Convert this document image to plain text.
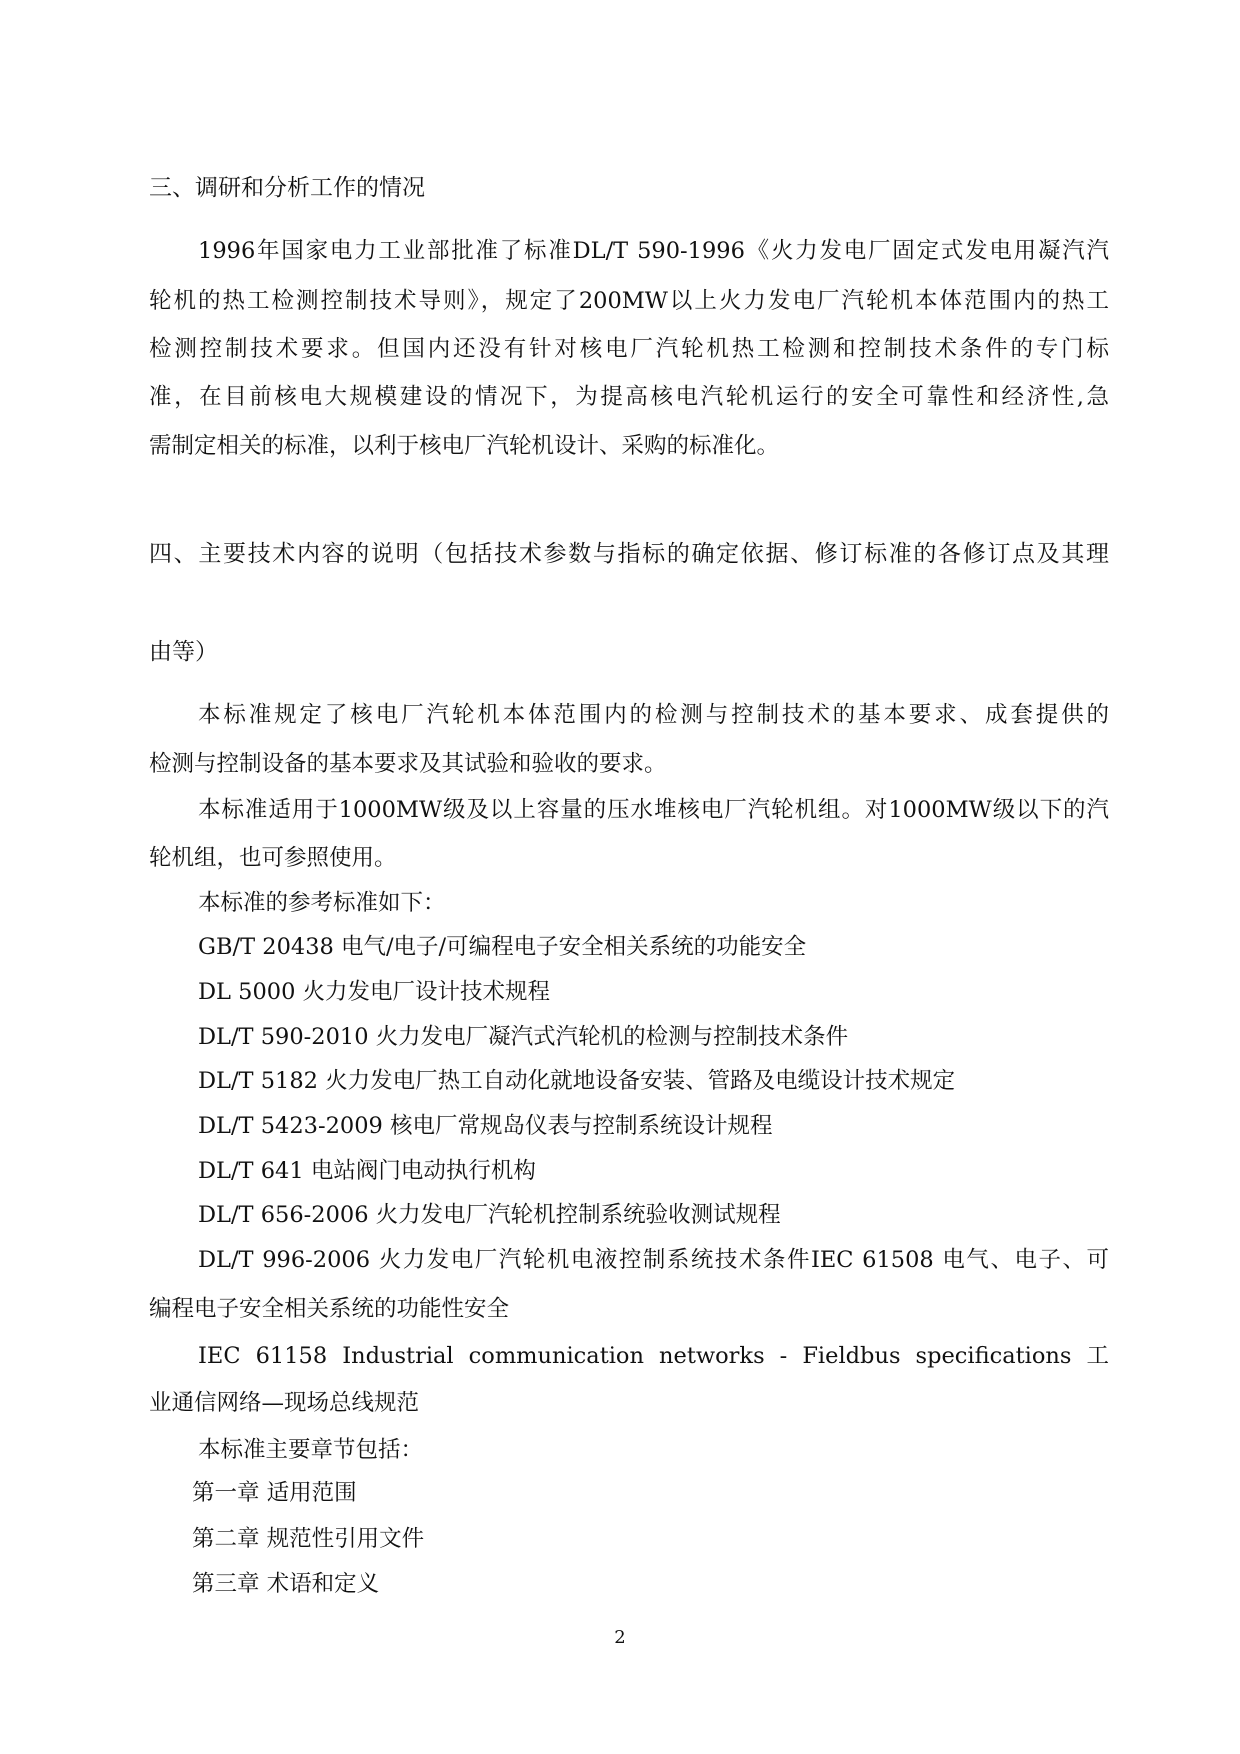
三、调研和分析工作的情况
1996年国家电力工业部批准了标准DL/T 590-1996《火力发电厂固定式发电用凝汽汽
轮机的热工检测控制技术导则》，规定了200MW以上火力发电厂汽轮机本体范围内的热工
检测控制技术要求。但国内还没有针对核电厂汽轮机热工检测和控制技术条件的专门标
准，在目前核电大规模建设的情况下，为提高核电汽轮机运行的安全可靠性和经济性,急
需制定相关的标准，以利于核电厂汽轮机设计、采购的标准化。
四、主要技术内容的说明（包括技术参数与指标的确定依据、修订标准的各修订点及其理
由等）
本标准规定了核电厂汽轮机本体范围内的检测与控制技术的基本要求、成套提供的
检测与控制设备的基本要求及其试验和验收的要求。
本标准适用于1000MW级及以上容量的压水堆核电厂汽轮机组。对1000MW级以下的汽
轮机组，也可参照使用。
本标准的参考标准如下：
GB/T 20438 电气/电子/可编程电子安全相关系统的功能安全
DL 5000 火力发电厂设计技术规程
DL/T 590-2010 火力发电厂凝汽式汽轮机的检测与控制技术条件
DL/T 5182 火力发电厂热工自动化就地设备安装、管路及电缆设计技术规定
DL/T 5423-2009 核电厂常规岛仪表与控制系统设计规程
DL/T 641 电站阀门电动执行机构
DL/T 656-2006 火力发电厂汽轮机控制系统验收测试规程
DL/T 996-2006 火力发电厂汽轮机电液控制系统技术条件IEC 61508 电气、电子、可
编程电子安全相关系统的功能性安全
IEC 61158 Industrial communication networks - Fieldbus specifications 工
业通信网络—现场总线规范
本标准主要章节包括：
第一章 适用范围
第二章 规范性引用文件
第三章 术语和定义
2
